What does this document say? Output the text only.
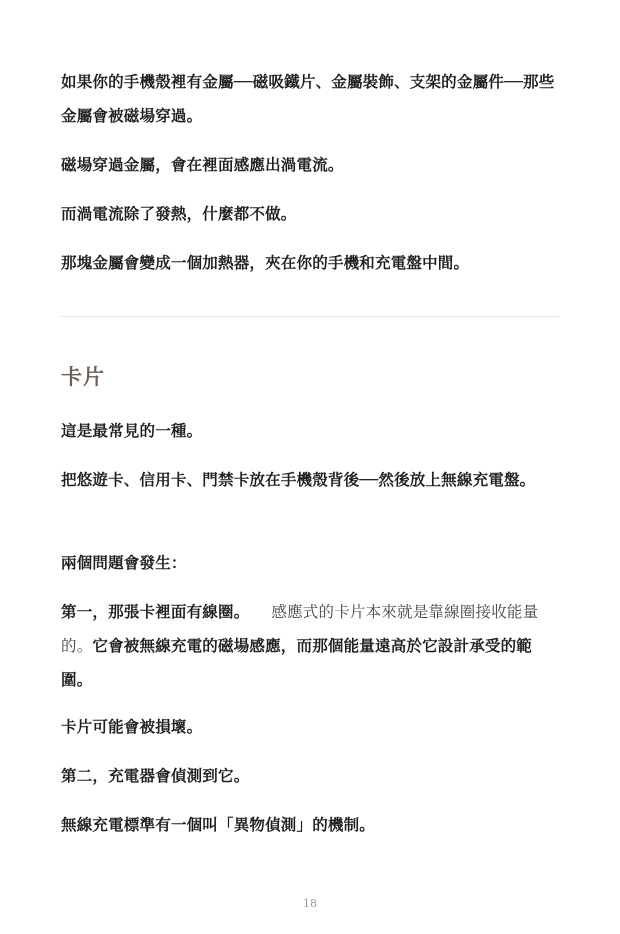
如果你的手機殼裡有金屬──磁吸鐵片、金屬裝飾、支架的金屬件──那些金屬會被磁場穿過。

磁場穿過金屬，會在裡面感應出渦電流。

而渦電流除了發熱，什麼都不做。

那塊金屬會變成一個加熱器，夾在你的手機和充電盤中間。

卡片

這是最常見的一種。

把悠遊卡、信用卡、門禁卡放在手機殼背後──然後放上無線充電盤。

兩個問題會發生：

第一，那張卡裡面有線圈。 感應式的卡片本來就是靠線圈接收能量的。它會被無線充電的磁場感應，而那個能量遠高於它設計承受的範圍。

卡片可能會被損壞。

第二，充電器會偵測到它。

無線充電標準有一個叫「異物偵測」的機制。

18
